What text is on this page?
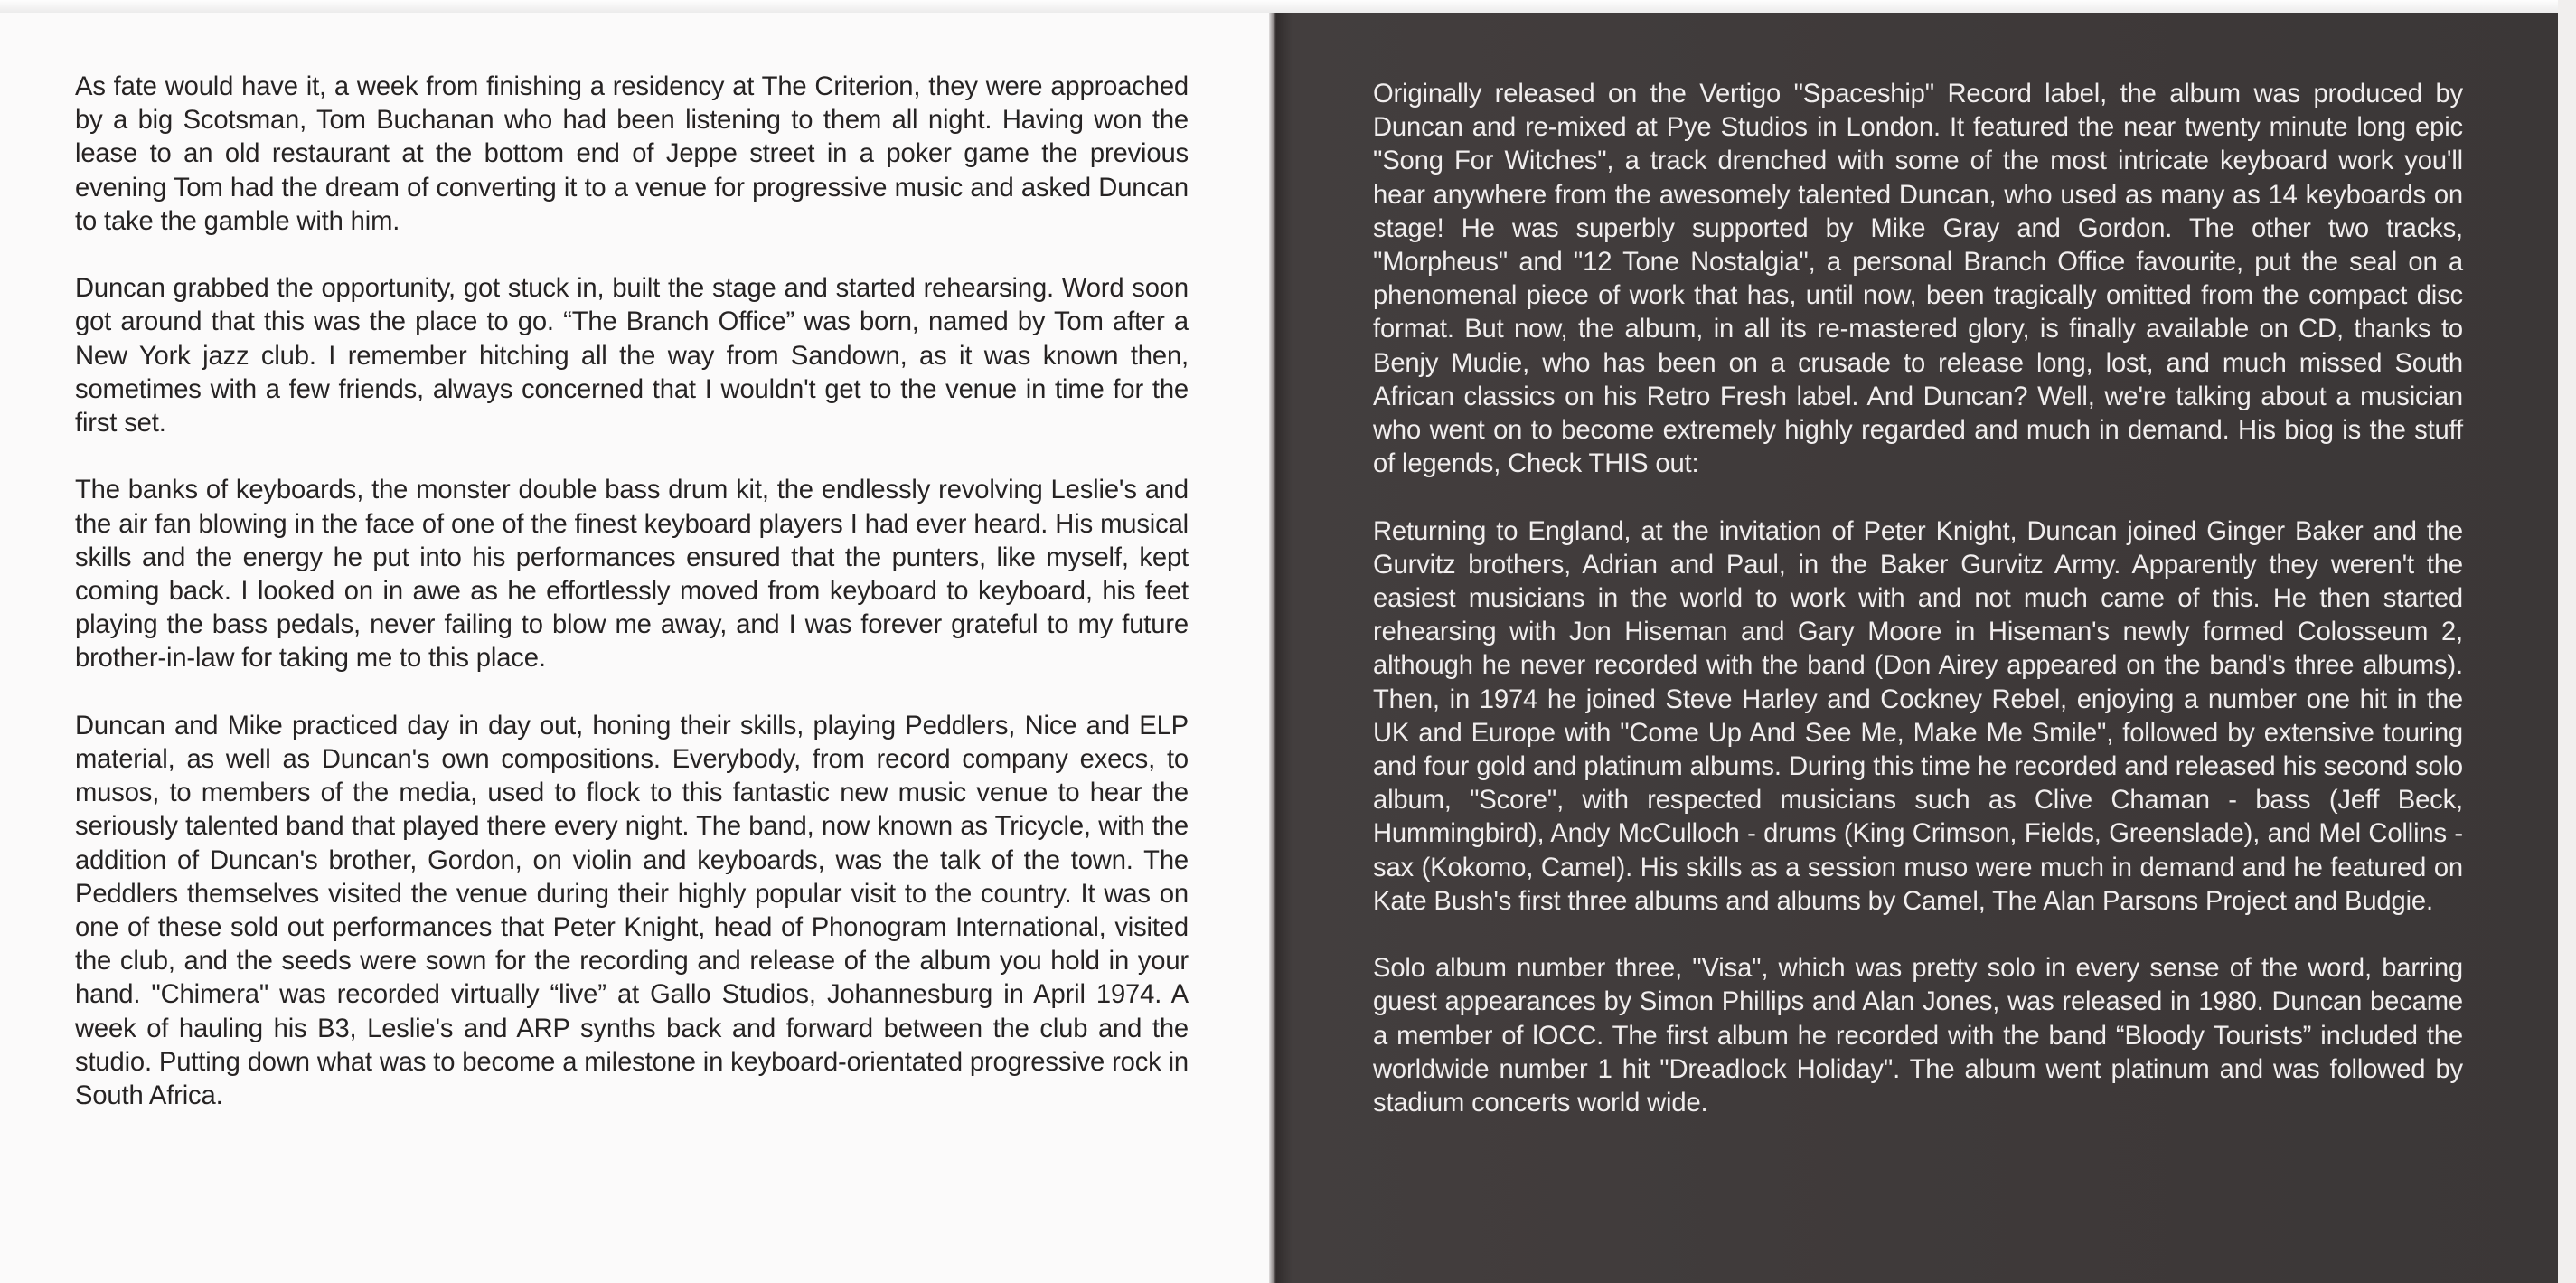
As fate would have it, a week from finishing a residency at The Criterion, they were approached by a big Scotsman, Tom Buchanan who had been listening to them all night. Having won the lease to an old restaurant at the bottom end of Jeppe street in a poker game the previous evening Tom had the dream of converting it to a venue for progressive music and asked Duncan to take the gamble with him.

Duncan grabbed the opportunity, got stuck in, built the stage and started rehearsing. Word soon got around that this was the place to go. “The Branch Office” was born, named by Tom after a New York jazz club. I remember hitching all the way from Sandown, as it was known then, sometimes with a few friends, always concerned that I wouldn't get to the venue in time for the first set.

The banks of keyboards, the monster double bass drum kit, the endlessly revolving Leslie's and the air fan blowing in the face of one of the finest keyboard players I had ever heard. His musical skills and the energy he put into his performances ensured that the punters, like myself, kept coming back. I looked on in awe as he effortlessly moved from keyboard to keyboard, his feet playing the bass pedals, never failing to blow me away, and I was forever grateful to my future brother-in-law for taking me to this place.

Duncan and Mike practiced day in day out, honing their skills, playing Peddlers, Nice and ELP material, as well as Duncan's own compositions. Everybody, from record company execs, to musos, to members of the media, used to flock to this fantastic new music venue to hear the seriously talented band that played there every night. The band, now known as Tricycle, with the addition of Duncan's brother, Gordon, on violin and keyboards, was the talk of the town. The Peddlers themselves visited the venue during their highly popular visit to the country. It was on one of these sold out performances that Peter Knight, head of Phonogram International, visited the club, and the seeds were sown for the recording and release of the album you hold in your hand. "Chimera" was recorded virtually “live” at Gallo Studios, Johannesburg in April 1974. A week of hauling his B3, Leslie's and ARP synths back and forward between the club and the studio. Putting down what was to become a milestone in keyboard-orientated progressive rock in South Africa.

Originally released on the Vertigo "Spaceship" Record label, the album was produced by Duncan and re-mixed at Pye Studios in London. It featured the near twenty minute long epic "Song For Witches", a track drenched with some of the most intricate keyboard work you'll hear anywhere from the awesomely talented Duncan, who used as many as 14 keyboards on stage! He was superbly supported by Mike Gray and Gordon. The other two tracks, "Morpheus" and "12 Tone Nostalgia", a personal Branch Office favourite, put the seal on a phenomenal piece of work that has, until now, been tragically omitted from the compact disc format. But now, the album, in all its re-mastered glory, is finally available on CD, thanks to Benjy Mudie, who has been on a crusade to release long, lost, and much missed South African classics on his Retro Fresh label. And Duncan? Well, we're talking about a musician who went on to become extremely highly regarded and much in demand. His biog is the stuff of legends, Check THIS out:

Returning to England, at the invitation of Peter Knight, Duncan joined Ginger Baker and the Gurvitz brothers, Adrian and Paul, in the Baker Gurvitz Army. Apparently they weren't the easiest musicians in the world to work with and not much came of this. He then started rehearsing with Jon Hiseman and Gary Moore in Hiseman's newly formed Colosseum 2, although he never recorded with the band (Don Airey appeared on the band's three albums). Then, in 1974 he joined Steve Harley and Cockney Rebel, enjoying a number one hit in the UK and Europe with "Come Up And See Me, Make Me Smile", followed by extensive touring and four gold and platinum albums. During this time he recorded and released his second solo album, "Score", with respected musicians such as Clive Chaman - bass (Jeff Beck, Hummingbird), Andy McCulloch - drums (King Crimson, Fields, Greenslade), and Mel Collins - sax (Kokomo, Camel). His skills as a session muso were much in demand and he featured on Kate Bush's first three albums and albums by Camel, The Alan Parsons Project and Budgie.

Solo album number three, "Visa", which was pretty solo in every sense of the word, barring guest appearances by Simon Phillips and Alan Jones, was released in 1980. Duncan became a member of lOCC. The first album he recorded with the band “Bloody Tourists” included the worldwide number 1 hit "Dreadlock Holiday". The album went platinum and was followed by stadium concerts world wide.
